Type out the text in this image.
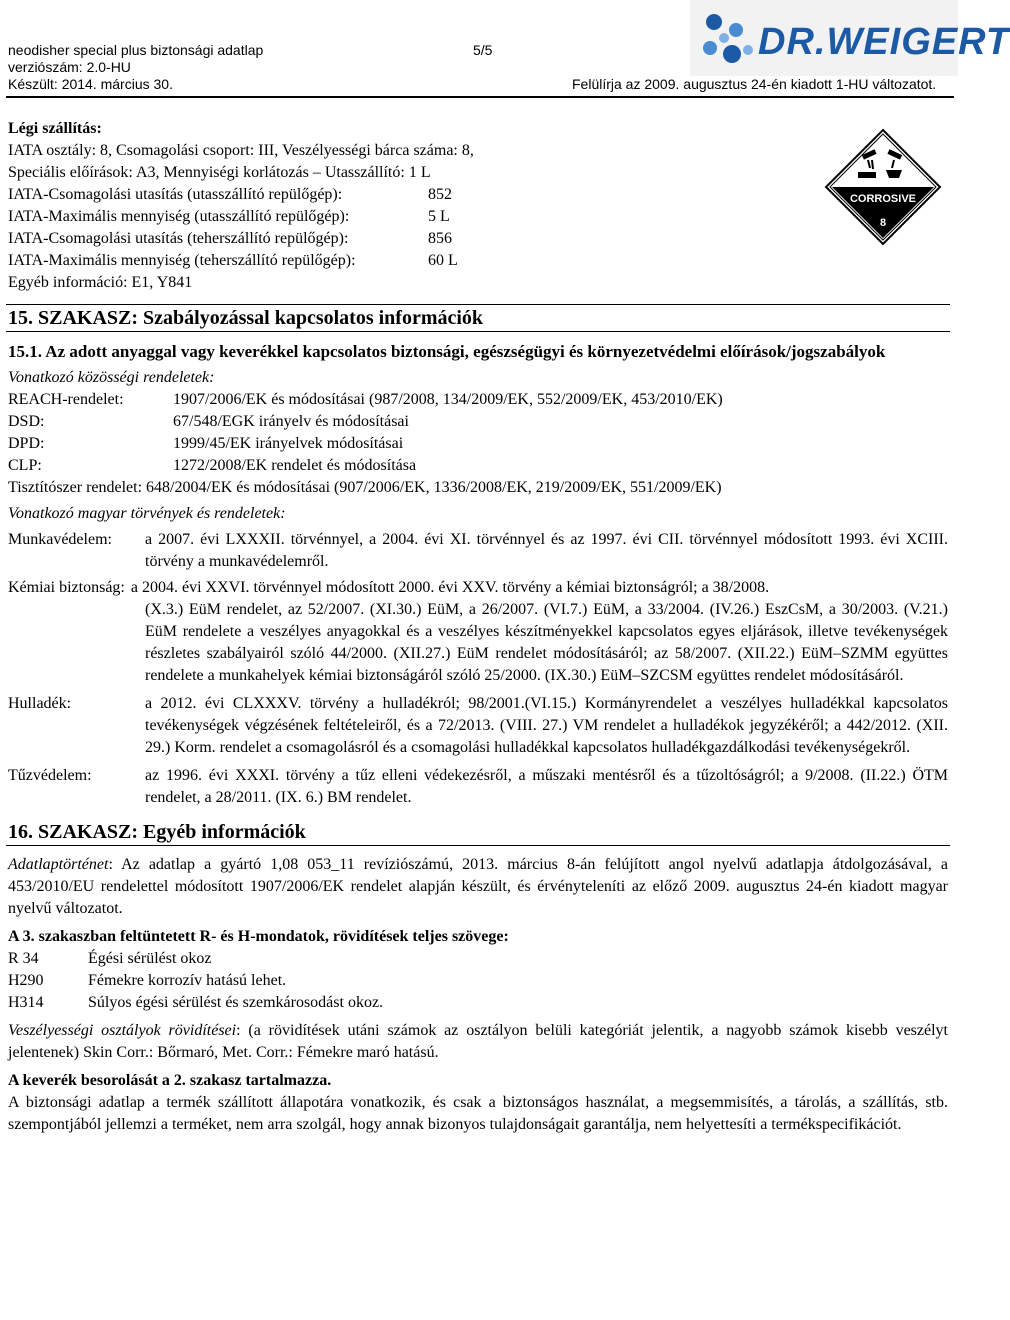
neodisher special plus biztonsági adatlap	5/5
verziószám: 2.0-HU
Készült: 2014. március 30.	Felülírja az 2009. augusztus 24-én kiadott 1-HU változatot.
DR.WEIGERT
CORROSIVE
8
Légi szállítás:
IATA osztály: 8, Csomagolási csoport: III, Veszélyességi bárca száma: 8,
Speciális előírások: A3, Mennyiségi korlátozás – Utasszállító: 1 L
IATA-Csomagolási utasítás (utasszállító repülőgép):	852
IATA-Maximális mennyiség (utasszállító repülőgép):	5 L
IATA-Csomagolási utasítás (teherszállító repülőgép):	856
IATA-Maximális mennyiség (teherszállító repülőgép):	60 L
Egyéb információ: E1, Y841
15. SZAKASZ: Szabályozással kapcsolatos információk
15.1. Az adott anyaggal vagy keverékkel kapcsolatos biztonsági, egészségügyi és környezetvédelmi előírások/jogszabályok
Vonatkozó közösségi rendeletek:
REACH-rendelet:	1907/2006/EK és módosításai (987/2008, 134/2009/EK, 552/2009/EK, 453/2010/EK)
DSD:	67/548/EGK irányelv és módosításai
DPD:	1999/45/EK irányelvek módosításai
CLP:	1272/2008/EK rendelet és módosítása
Tisztítószer rendelet: 648/2004/EK és módosításai (907/2006/EK, 1336/2008/EK, 219/2009/EK, 551/2009/EK)
Vonatkozó magyar törvények és rendeletek:
Munkavédelem:	a 2007. évi LXXXII. törvénnyel, a 2004. évi XI. törvénnyel és az 1997. évi CII. törvénnyel módosított 1993. évi XCIII. törvény a munkavédelemről.
Kémiai biztonság: a 2004. évi XXVI. törvénnyel módosított 2000. évi XXV. törvény a kémiai biztonságról; a 38/2008.
(X.3.) EüM rendelet, az 52/2007. (XI.30.) EüM, a 26/2007. (VI.7.) EüM, a 33/2004. (IV.26.) EszCsM, a 30/2003. (V.21.) EüM rendelete a veszélyes anyagokkal és a veszélyes készítményekkel kapcsolatos egyes eljárások, illetve tevékenységek részletes szabályairól szóló 44/2000. (XII.27.) EüM rendelet módosításáról; az 58/2007. (XII.22.) EüM–SZMM együttes rendelete a munkahelyek kémiai biztonságáról szóló 25/2000. (IX.30.) EüM–SZCSM együttes rendelet módosításáról.
Hulladék:	a 2012. évi CLXXXV. törvény a hulladékról; 98/2001.(VI.15.) Kormányrendelet a veszélyes hulladékkal kapcsolatos tevékenységek végzésének feltételeiről, és a 72/2013. (VIII. 27.) VM rendelet a hulladékok jegyzékéről; a 442/2012. (XII. 29.) Korm. rendelet a csomagolásról és a csomagolási hulladékkal kapcsolatos hulladékgazdálkodási tevékenységekről.
Tűzvédelem:	az 1996. évi XXXI. törvény a tűz elleni védekezésről, a műszaki mentésről és a tűzoltóságról; a 9/2008. (II.22.) ÖTM rendelet, a 28/2011. (IX. 6.) BM rendelet.
16. SZAKASZ: Egyéb információk
Adatlaptörténet: Az adatlap a gyártó 1,08 053_11 revíziószámú, 2013. március 8-án felújított angol nyelvű adatlapja átdolgozásával, a 453/2010/EU rendelettel módosított 1907/2006/EK rendelet alapján készült, és érvényteleníti az előző 2009. augusztus 24-én kiadott magyar nyelvű változatot.
A 3. szakaszban feltüntetett R- és H-mondatok, rövidítések teljes szövege:
R 34	Égési sérülést okoz
H290	Fémekre korrozív hatású lehet.
H314	Súlyos égési sérülést és szemkárosodást okoz.
Veszélyességi osztályok rövidítései: (a rövidítések utáni számok az osztályon belüli kategóriát jelentik, a nagyobb számok kisebb veszélyt jelentenek) Skin Corr.: Bőrmaró, Met. Corr.: Fémekre maró hatású.
A keverék besorolását a 2. szakasz tartalmazza.
A biztonsági adatlap a termék szállított állapotára vonatkozik, és csak a biztonságos használat, a megsemmisítés, a tárolás, a szállítás, stb. szempontjából jellemzi a terméket, nem arra szolgál, hogy annak bizonyos tulajdonságait garantálja, nem helyettesíti a termékspecifikációt.
